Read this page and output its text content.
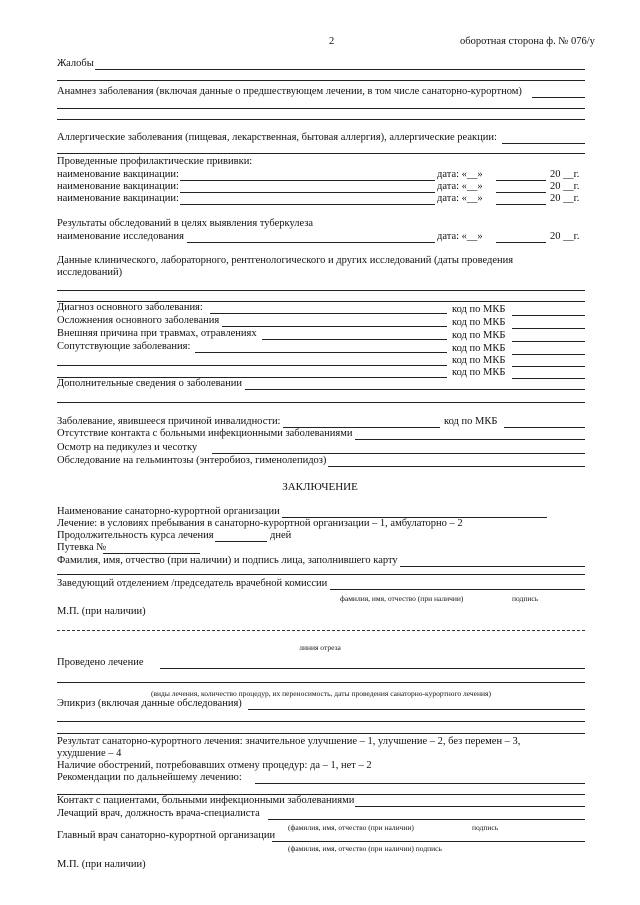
2	оборотная сторона ф. № 076/у
Жалобы
Анамнез заболевания (включая данные о предшествующем лечении, в том числе санаторно-курортном)
Аллергические заболевания (пищевая, лекарственная, бытовая аллергия), аллергические реакции:
Проведенные профилактические прививки:
наименование вакцинации:	дата: «__»	20 __г.
наименование вакцинации:	дата: «__»	20 __г.
наименование вакцинации:	дата: «__»	20 __г.
Результаты обследований в целях выявления туберкулеза
наименование исследования	дата: «__»	20 __г.
Данные клинического, лабораторного, рентгенологического и других исследований (даты проведения
исследований)
Диагноз основного заболевания:	код по МКБ
Осложнения основного заболевания	код по МКБ
Внешняя причина при травмах, отравлениях	код по МКБ
Сопутствующие заболевания:	код по МКБ
код по МКБ
код по МКБ
Дополнительные сведения о заболевании
Заболевание, явившееся причиной инвалидности:	код по МКБ
Отсутствие контакта с больными инфекционными заболеваниями
Осмотр на педикулез и чесотку
Обследование на гельминтозы (энтеробиоз, гименолепидоз)
ЗАКЛЮЧЕНИЕ
Наименование санаторно-курортной организации
Лечение: в условиях пребывания в санаторно-курортной организации – 1, амбулаторно – 2
Продолжительность курса лечения	дней
Путевка №
Фамилия, имя, отчество (при наличии) и подпись лица, заполнившего карту
Заведующий отделением /председатель врачебной комиссии
фамилия, имя, отчество (при наличии)	подпись
М.П. (при наличии)
линия отреза
Проведено лечение
(виды лечения, количество процедур, их переносимость, даты проведения санаторно-курортного лечения)
Эпикриз (включая данные обследования)
Результат санаторно-курортного лечения: значительное улучшение – 1, улучшение – 2, без перемен – 3,
ухудшение – 4
Наличие обострений, потребовавших отмену процедур: да – 1, нет – 2
Рекомендации по дальнейшему лечению:
Контакт с пациентами, больными инфекционными заболеваниями
Лечащий врач, должность врача-специалиста
(фамилия, имя, отчество (при наличии)	подпись
Главный врач санаторно-курортной организации
(фамилия, имя, отчество (при наличии) подпись
М.П. (при наличии)
